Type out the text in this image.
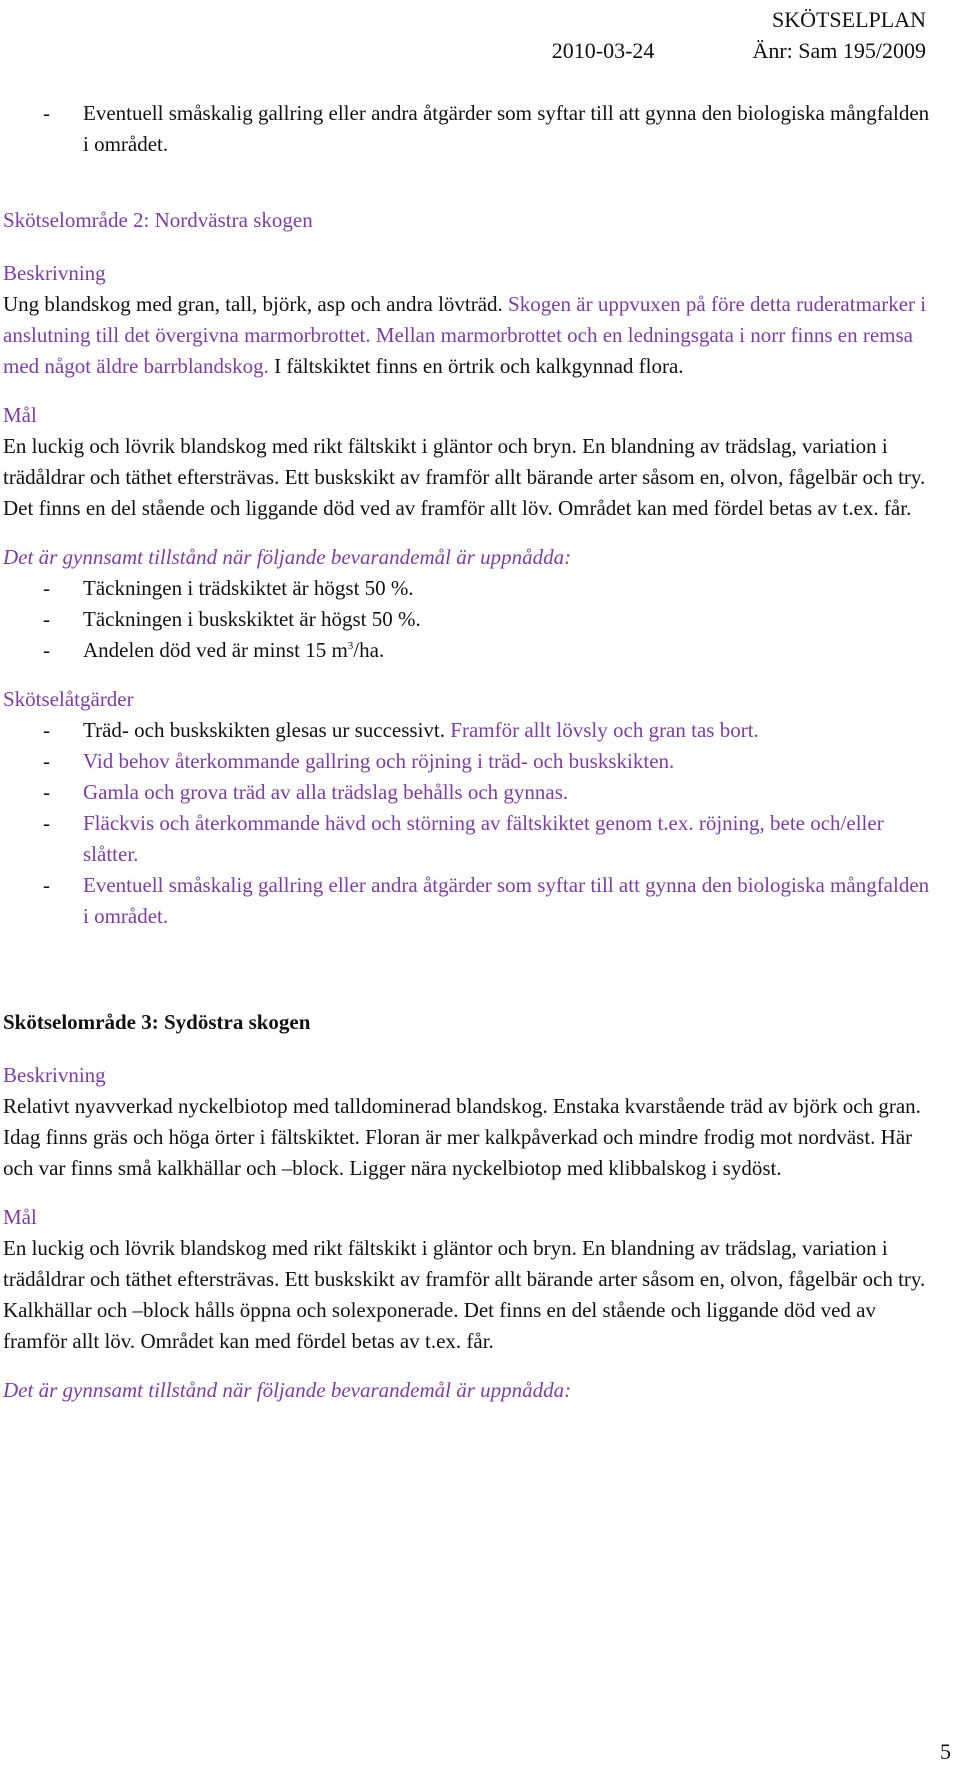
SKÖTSELPLAN
2010-03-24	Änr: Sam 195/2009
- Eventuell småskalig gallring eller andra åtgärder som syftar till att gynna den biologiska mångfalden i området.

Skötselområde 2: Nordvästra skogen

Beskrivning

Ung blandskog med gran, tall, björk, asp och andra lövträd. Skogen är uppvuxen på före detta ruderatmarker i anslutning till det övergivna marmorbrottet. Mellan marmorbrottet och en ledningsgata i norr finns en remsa med något äldre barrblandskog. I fältskiktet finns en örtrik och kalkgynnad flora.

Mål

En luckig och lövrik blandskog med rikt fältskikt i gläntor och bryn. En blandning av trädslag, variation i trädåldrar och täthet eftersträvas. Ett buskskikt av framför allt bärande arter såsom en, olvon, fågelbär och try. Det finns en del stående och liggande död ved av framför allt löv. Området kan med fördel betas av t.ex. får.

Det är gynnsamt tillstånd när följande bevarandemål är uppnådda:

- Täckningen i trädskiktet är högst 50 %.
- Täckningen i buskskiktet är högst 50 %.
- Andelen död ved är minst 15 $m^3/ha$.

Skötselåtgärder

- Träd- och buskskikten glesas ur successivt. Framför allt lövsly och gran tas bort.
- Vid behov återkommande gallring och röjning i träd- och buskskikten.
- Gamla och grova träd av alla trädslag behålls och gynnas.
- Fläckvis och återkommande hävd och störning av fältskiktet genom t.ex. röjning, bete och/eller slåtter.
- Eventuell småskalig gallring eller andra åtgärder som syftar till att gynna den biologiska mångfalden i området.

Skötselområde 3: Sydöstra skogen

Beskrivning

Relativt nyavverkad nyckelbiotop med talldominerad blandskog. Enstaka kvarstående träd av björk och gran. Idag finns gräs och höga örter i fältskiktet. Floran är mer kalkpåverkad och mindre frodig mot nordväst. Här och var finns små kalkhällar och –block. Ligger nära nyckelbiotop med klibbalskog i sydöst.

Mål

En luckig och lövrik blandskog med rikt fältskikt i gläntor och bryn. En blandning av trädslag, variation i trädåldrar och täthet eftersträvas. Ett buskskikt av framför allt bärande arter såsom en, olvon, fågelbär och try. Kalkhällar och –block hålls öppna och solexponerade. Det finns en del stående och liggande död ved av framför allt löv. Området kan med fördel betas av t.ex. får.

Det är gynnsamt tillstånd när följande bevarandemål är uppnådda:

5
